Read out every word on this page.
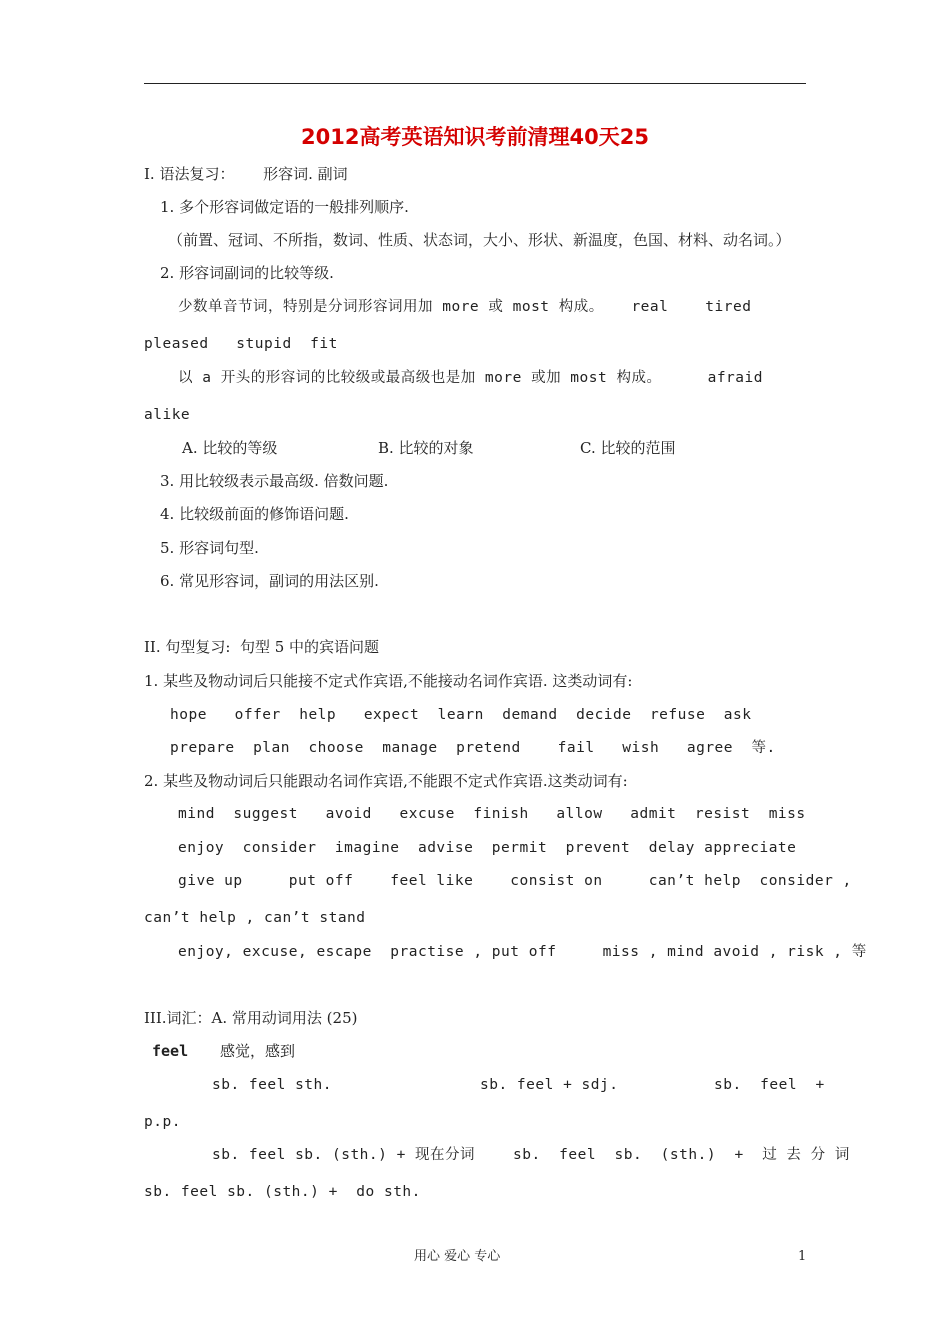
2012高考英语知识考前清理40天25
I. 语法复习：      形容词. 副词
1. 多个形容词做定语的一般排列顺序.
（前置、冠词、不所指，数词、性质、状态词，大小、形状、新温度，色国、材料、动名词。）
2. 形容词副词的比较等级.
少数单音节词，特别是分词形容词用加 more 或 most 构成。   real    tired
pleased   stupid  fit
以 a 开头的形容词的比较级或最高级也是加 more 或加 most 构成。     afraid
alike
A. 比较的等级	B. 比较的对象	C. 比较的范围
3. 用比较级表示最高级. 倍数问题.
4. 比较级前面的修饰语问题.
5. 形容词句型.
6. 常见形容词，副词的用法区别.
II. 句型复习:  句型 5 中的宾语问题
1. 某些及物动词后只能接不定式作宾语,不能接动名词作宾语. 这类动词有:
hope   offer  help   expect  learn  demand  decide  refuse  ask
prepare  plan  choose  manage  pretend    fail   wish   agree  等.
2. 某些及物动词后只能跟动名词作宾语,不能跟不定式作宾语.这类动词有:
mind  suggest   avoid   excuse  finish   allow   admit  resist  miss
enjoy  consider  imagine  advise  permit  prevent  delay appreciate
give up     put off    feel like    consist on     can’t help  consider ,
can’t help , can’t stand
enjoy, excuse, escape  practise , put off     miss , mind avoid , risk , 等
III.词汇：A. 常用动词用法 (25)
feel 感觉，感到
sb. feel sth.	sb. feel + sdj.	sb.  feel  +
p.p.
sb. feel sb. (sth.) + 现在分词	sb.  feel  sb.  (sth.)  +  过 去 分 词
sb. feel sb. (sth.) +  do sth.
用心 爱心 专心	1
